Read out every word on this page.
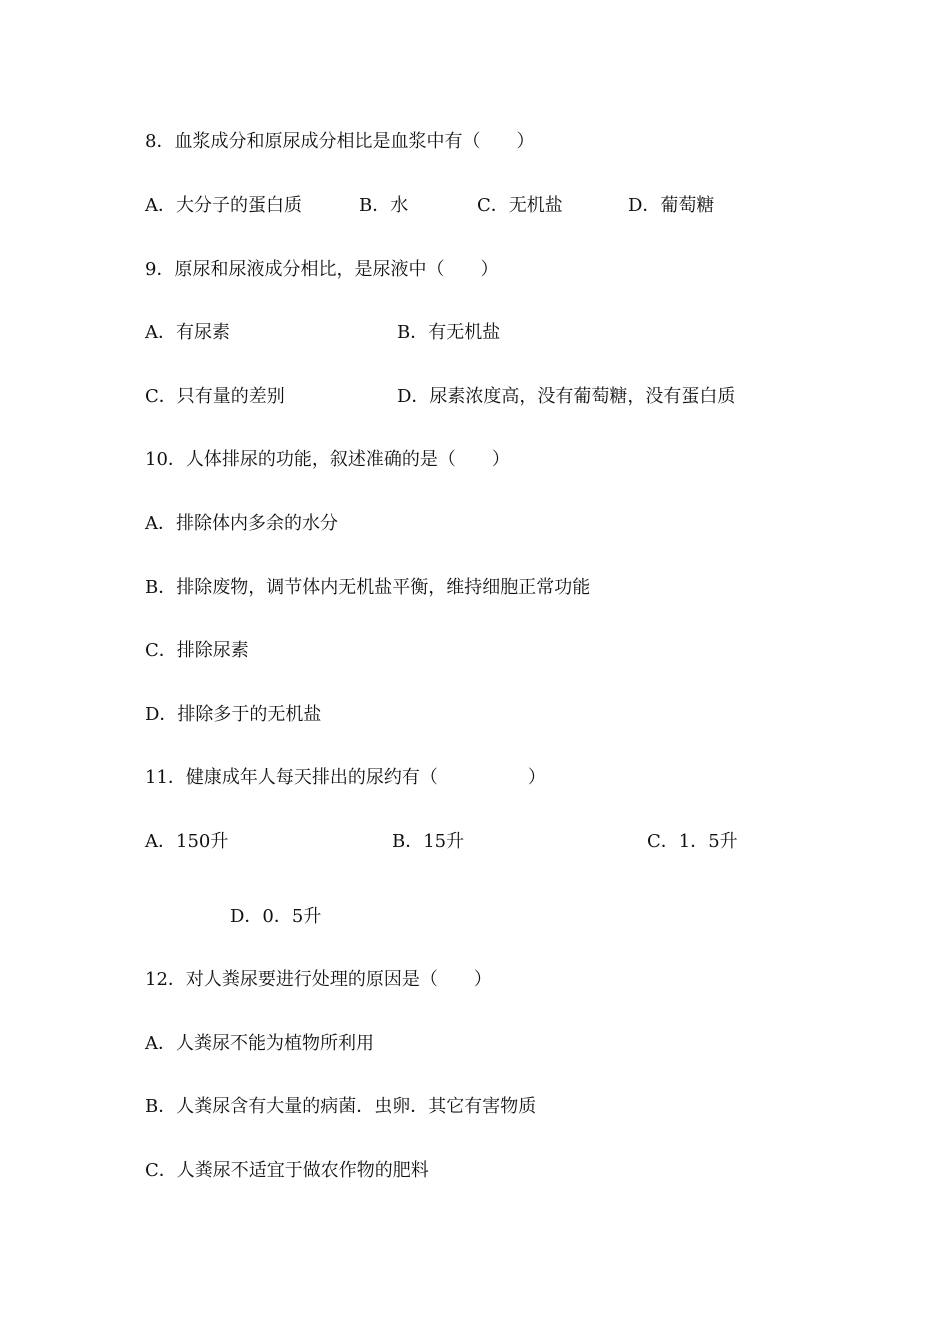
8．血浆成分和原尿成分相比是血浆中有（　　）
A．大分子的蛋白质	B．水	C．无机盐	D．葡萄糖
9．原尿和尿液成分相比，是尿液中（　　）
A．有尿素	B．有无机盐
C．只有量的差别	D．尿素浓度高，没有葡萄糖，没有蛋白质
10．人体排尿的功能，叙述准确的是（　　）
A．排除体内多余的水分
B．排除废物，调节体内无机盐平衡，维持细胞正常功能
C．排除尿素
D．排除多于的无机盐
11．健康成年人每天排出的尿约有（　　　　　）
A．150升	B．15升	C．1．5升
D．0．5升
12．对人粪尿要进行处理的原因是（　　）
A．人粪尿不能为植物所利用
B．人粪尿含有大量的病菌．虫卵．其它有害物质
C．人粪尿不适宜于做农作物的肥料
